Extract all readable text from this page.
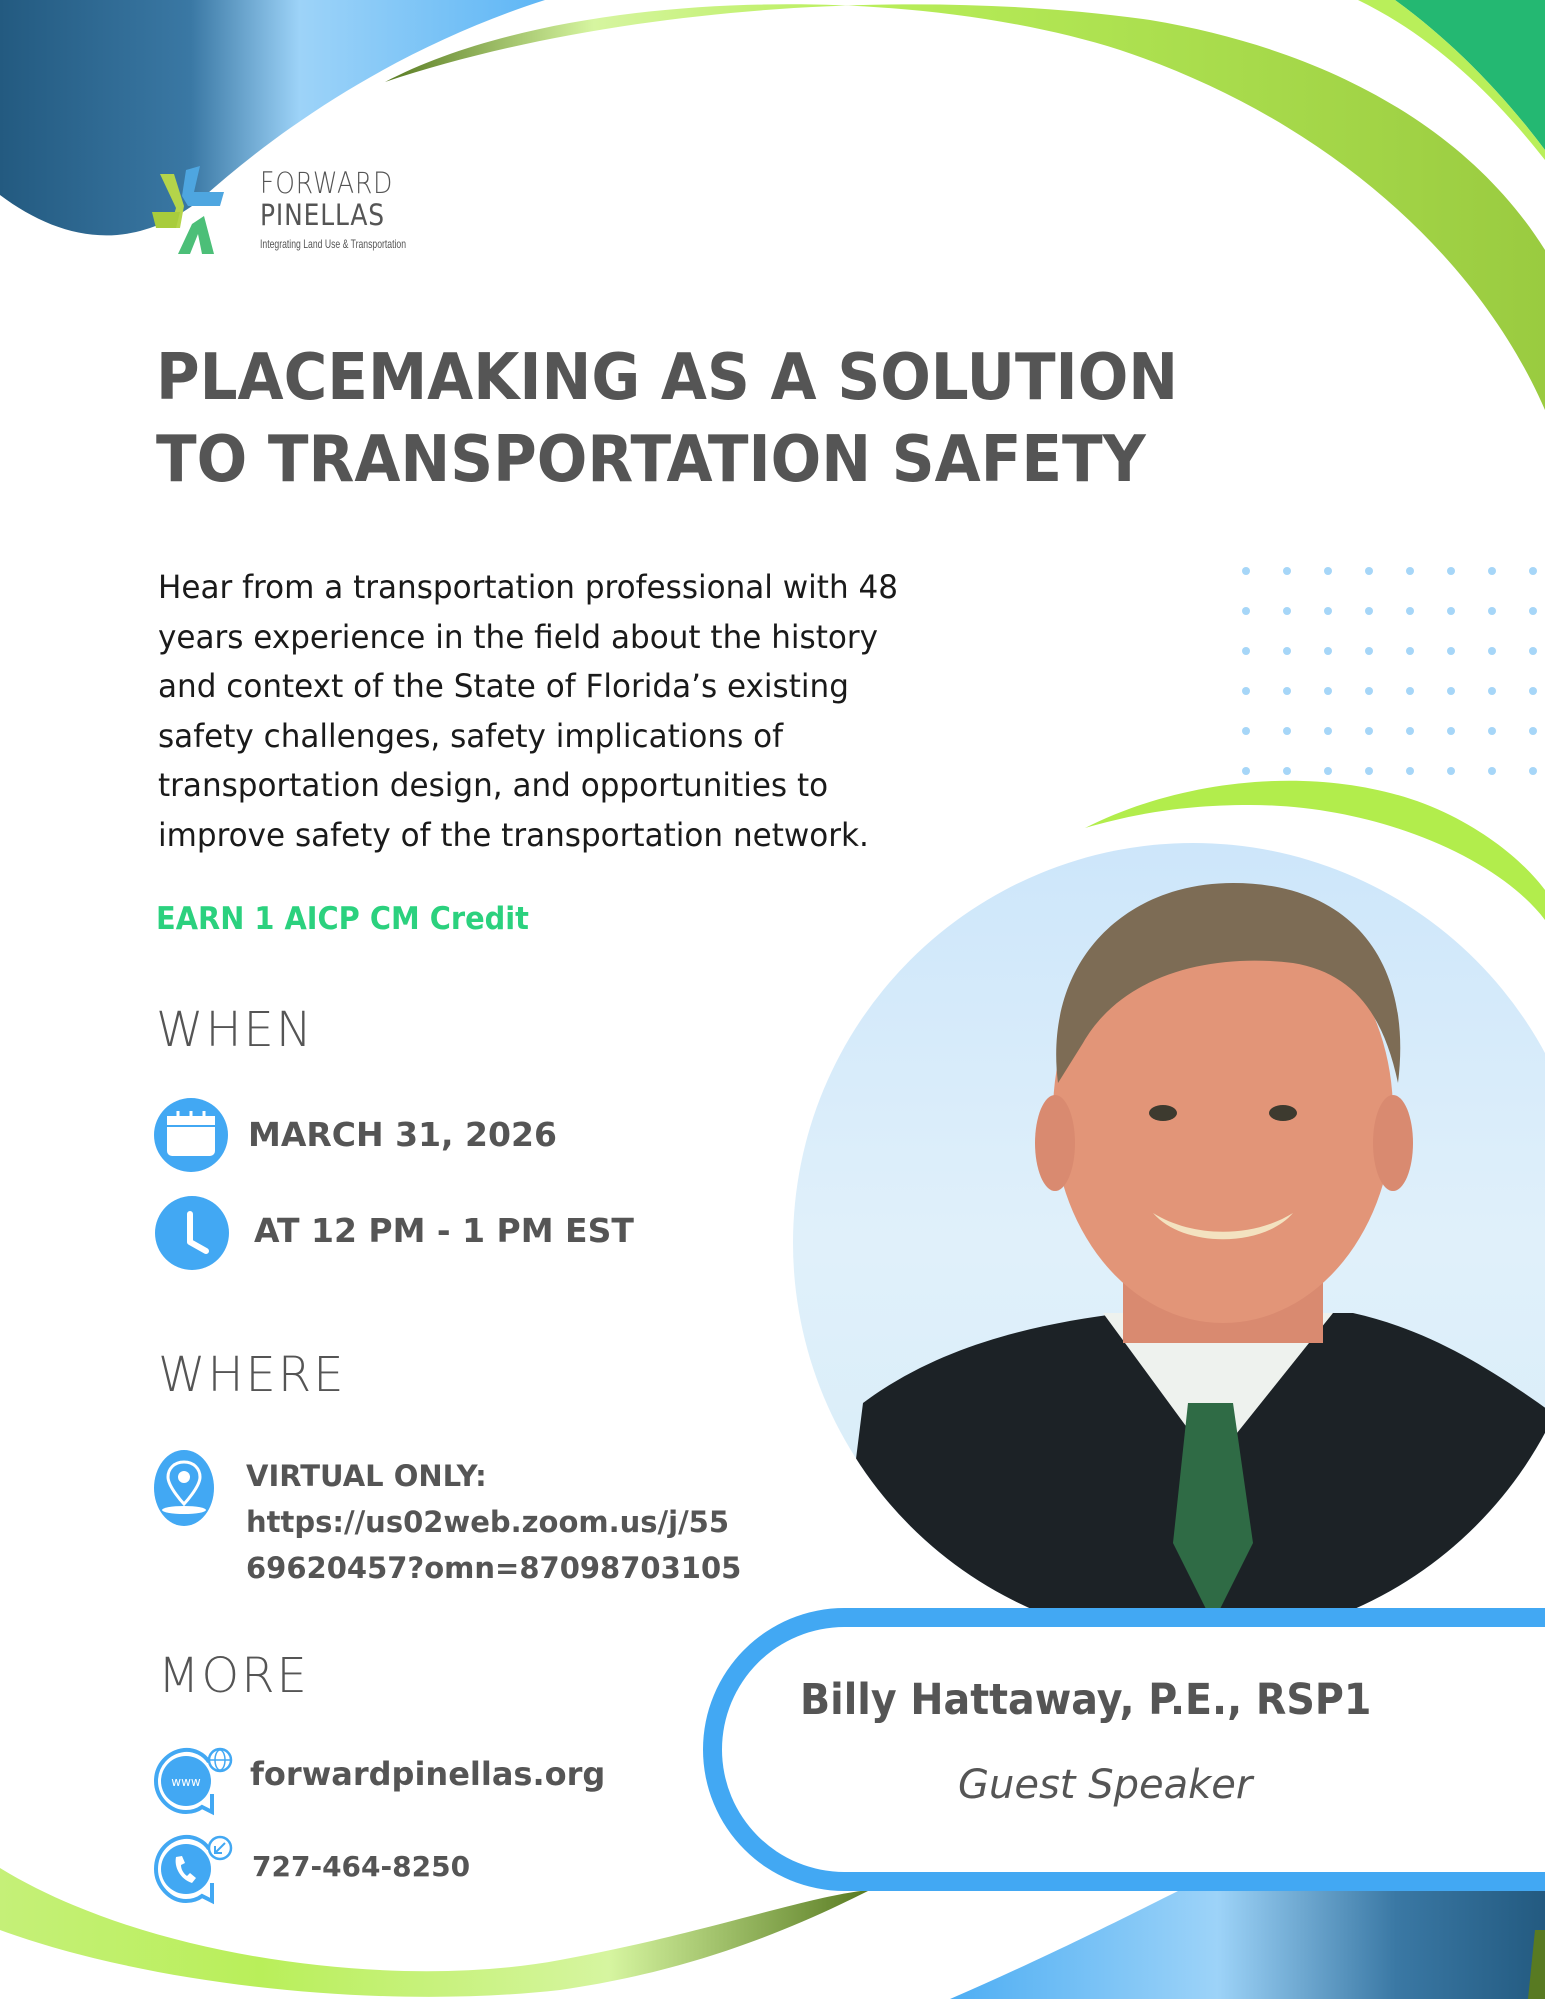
FORWARD
PINELLAS
Integrating Land Use & Transportation
PLACEMAKING AS A SOLUTION
TO TRANSPORTATION SAFETY
Hear from a transportation professional with 48
years experience in the field about the history
and context of the State of Florida’s existing
safety challenges, safety implications of
transportation design, and opportunities to
improve safety of the transportation network.
EARN 1 AICP CM Credit
WHEN
MARCH 31, 2026
AT 12 PM - 1 PM EST
WHERE
VIRTUAL ONLY:
https://us02web.zoom.us/j/55
69620457?omn=87098703105
MORE
www forwardpinellas.org
727-464-8250
Billy Hattaway, P.E., RSP1
Guest Speaker
